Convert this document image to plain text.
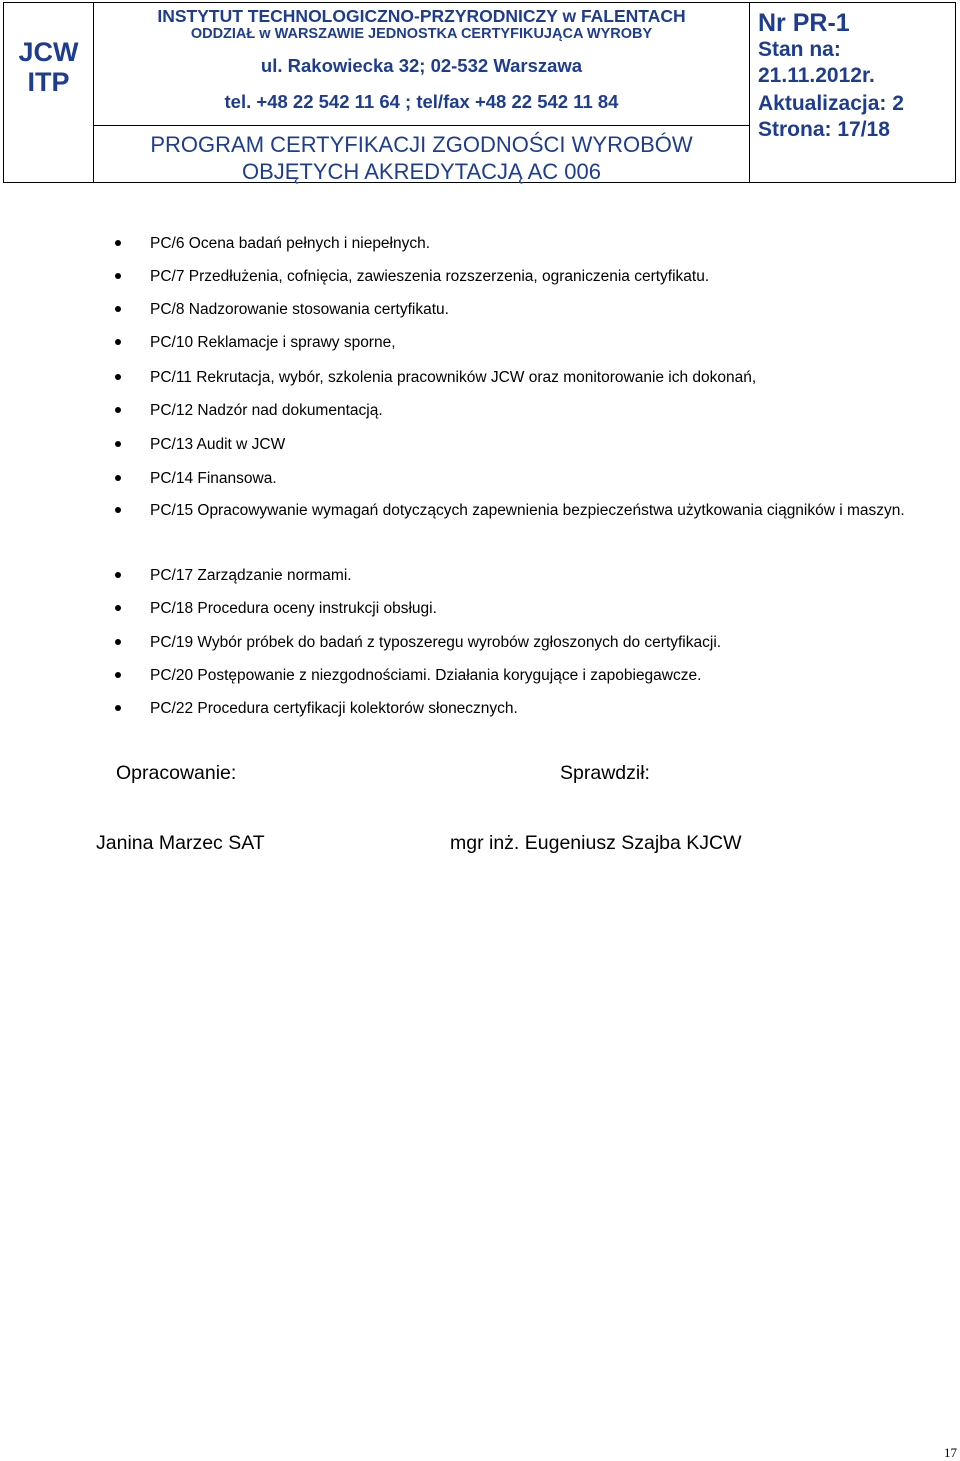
JCW
ITP
INSTYTUT TECHNOLOGICZNO-PRZYRODNICZY w FALENTACH
ODDZIAŁ w WARSZAWIE JEDNOSTKA CERTYFIKUJĄCA WYROBY
ul. Rakowiecka 32; 02-532 Warszawa
tel. +48 22 542 11 64 ; tel/fax +48 22 542 11 84
PROGRAM CERTYFIKACJI ZGODNOŚCI WYROBÓW
OBJĘTYCH AKREDYTACJĄ AC 006
Nr PR-1
Stan na:
21.11.2012r.
Aktualizacja: 2
Strona: 17/18
PC/6 Ocena badań pełnych i niepełnych.
PC/7 Przedłużenia, cofnięcia, zawieszenia rozszerzenia, ograniczenia certyfikatu.
PC/8 Nadzorowanie stosowania certyfikatu.
PC/10 Reklamacje i sprawy sporne,
PC/11 Rekrutacja, wybór, szkolenia pracowników JCW oraz monitorowanie ich dokonań,
PC/12 Nadzór nad dokumentacją.
PC/13 Audit w JCW
PC/14 Finansowa.
PC/15 Opracowywanie wymagań dotyczących zapewnienia bezpieczeństwa użytkowania ciągników i maszyn.
PC/17 Zarządzanie normami.
PC/18 Procedura oceny instrukcji obsługi.
PC/19 Wybór próbek do badań z typoszeregu wyrobów zgłoszonych do certyfikacji.
PC/20 Postępowanie z niezgodnościami. Działania korygujące i zapobiegawcze.
PC/22 Procedura certyfikacji kolektorów słonecznych.
Opracowanie:	Sprawdził:
Janina Marzec SAT	mgr inż. Eugeniusz Szajba KJCW
17
